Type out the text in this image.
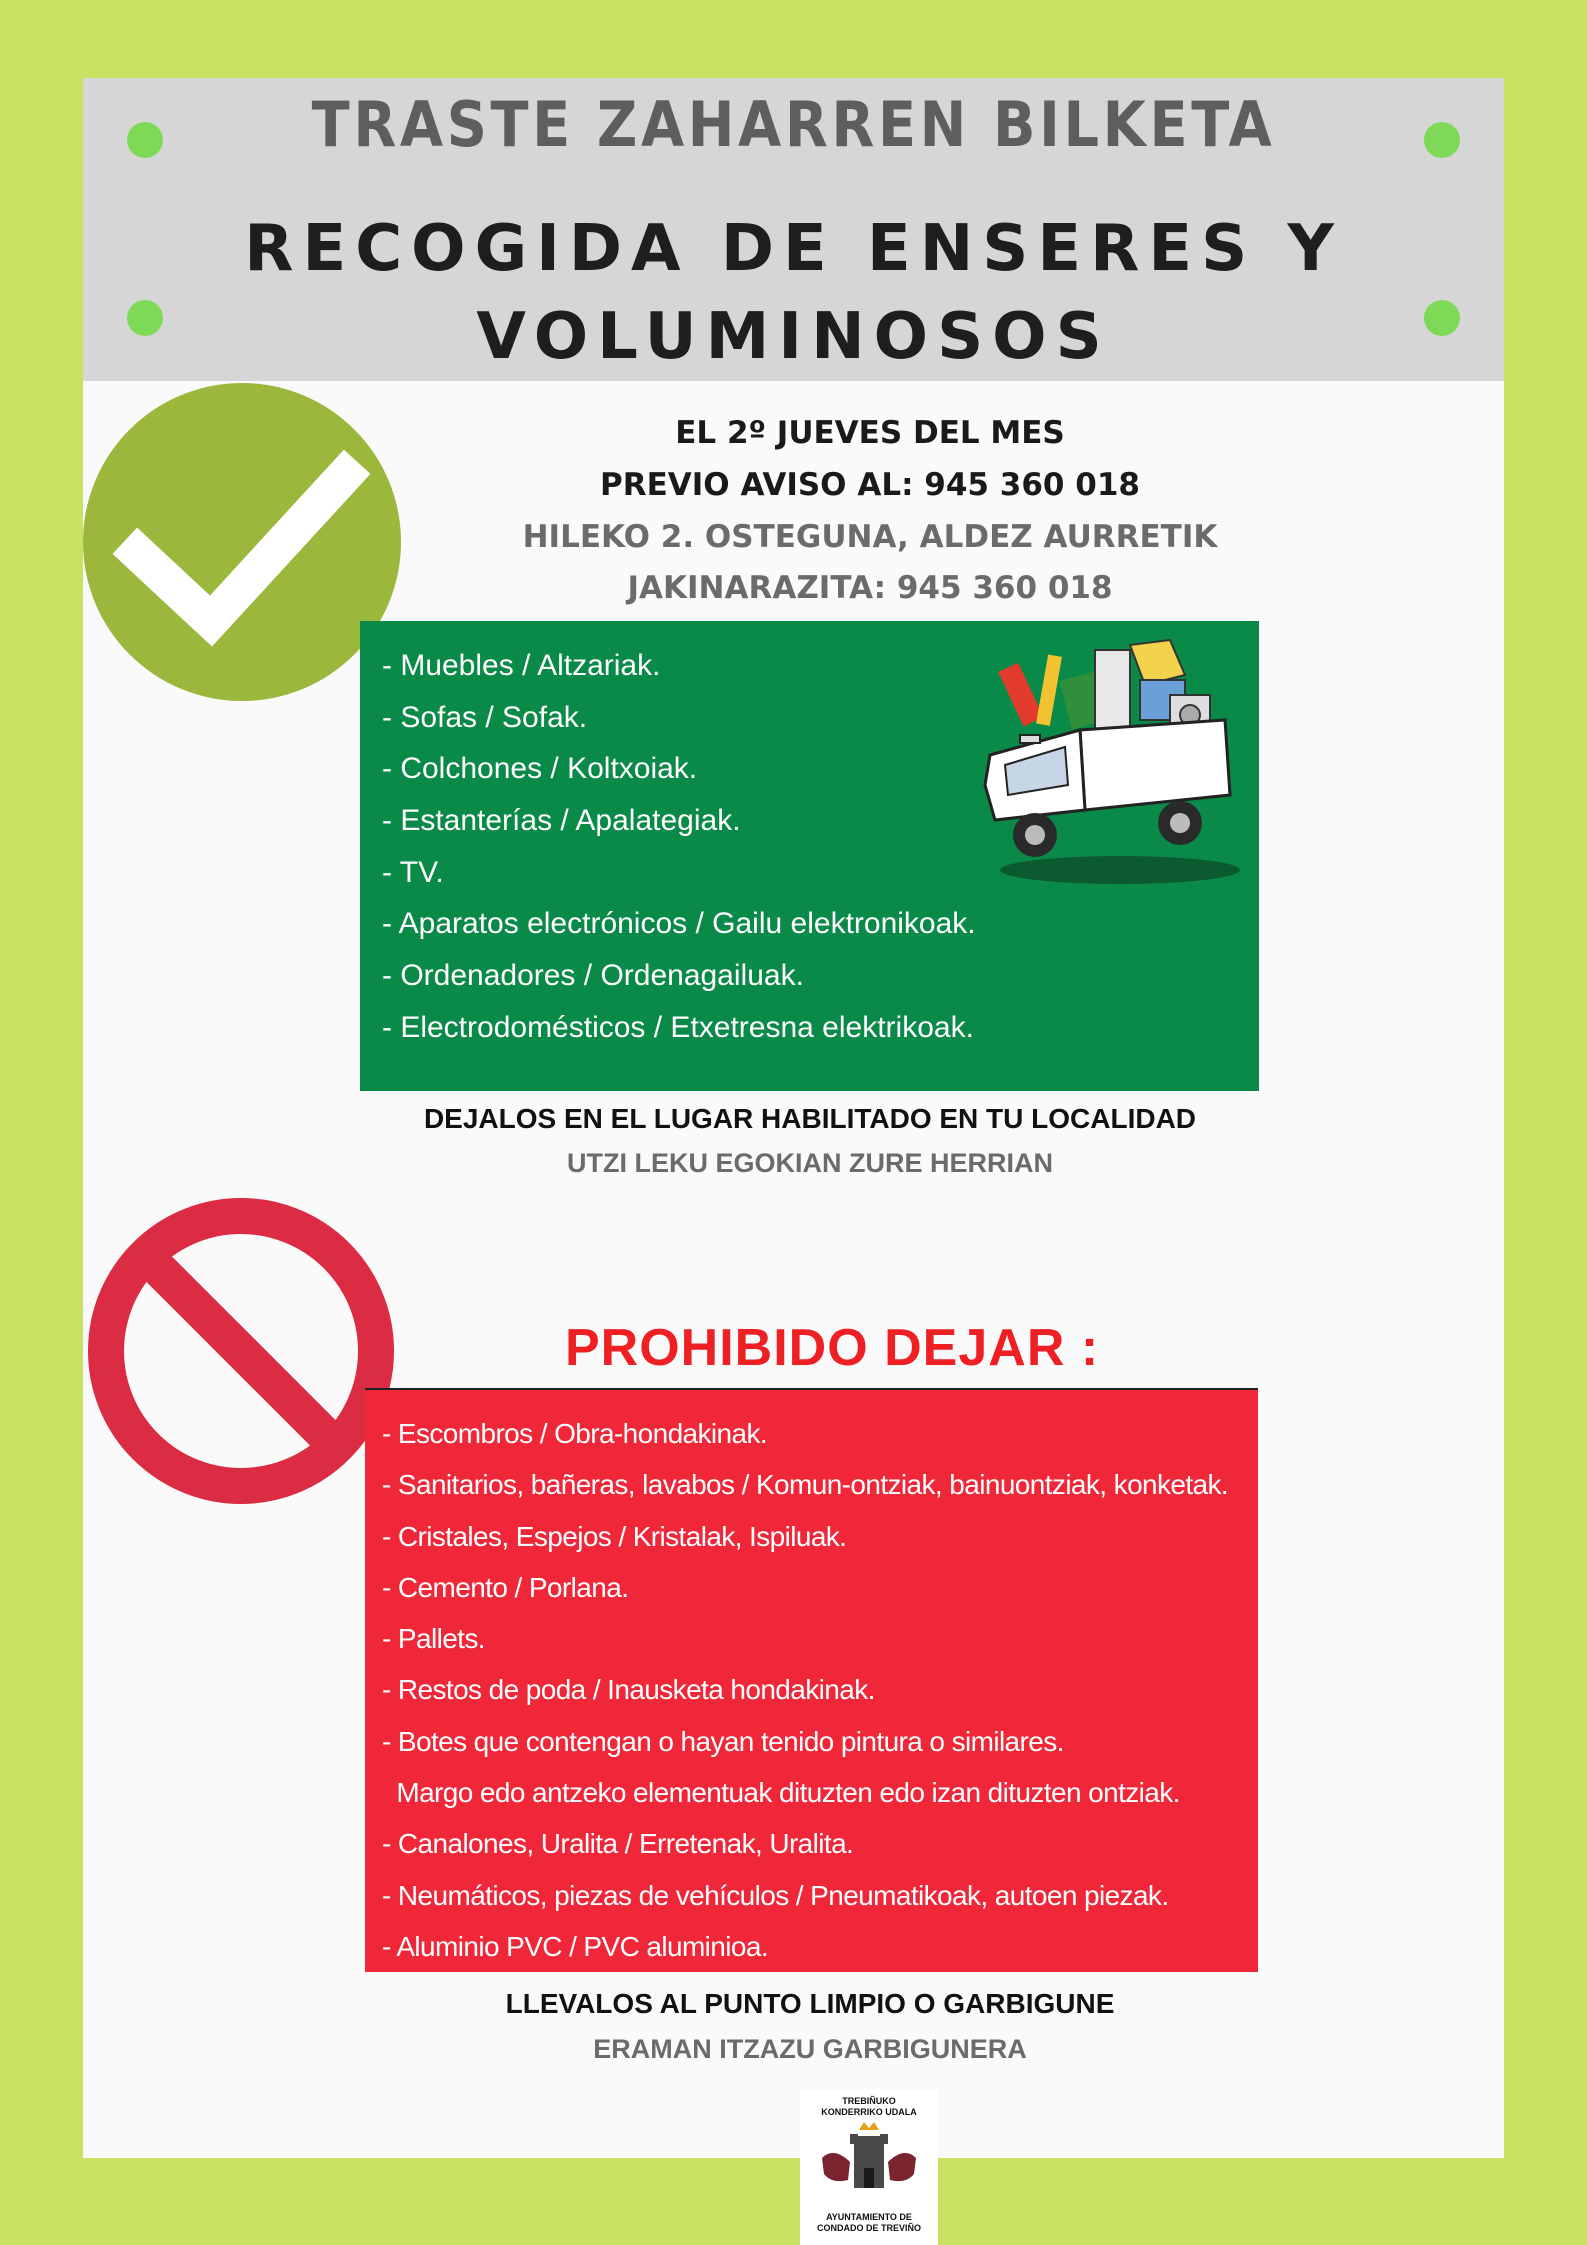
TRASTE ZAHARREN BILKETA
RECOGIDA DE ENSERES Y
VOLUMINOSOS
EL 2º JUEVES DEL MES
PREVIO AVISO AL: 945 360 018
HILEKO 2. OSTEGUNA, ALDEZ AURRETIK
JAKINARAZITA: 945 360 018
- Muebles / Altzariak.
- Sofas / Sofak.
- Colchones / Koltxoiak.
- Estanterías / Apalategiak.
- TV.
- Aparatos electrónicos / Gailu elektronikoak.
- Ordenadores / Ordenagailuak.
- Electrodomésticos / Etxetresna elektrikoak.
DEJALOS EN EL LUGAR HABILITADO EN TU LOCALIDAD
UTZI LEKU EGOKIAN ZURE HERRIAN
PROHIBIDO DEJAR :
- Escombros / Obra-hondakinak.
- Sanitarios, bañeras, lavabos / Komun-ontziak, bainuontziak, konketak.
- Cristales, Espejos / Kristalak, Ispiluak.
- Cemento / Porlana.
- Pallets.
- Restos de poda / Inausketa hondakinak.
- Botes que contengan o hayan tenido pintura o similares.
Margo edo antzeko elementuak dituzten edo izan dituzten ontziak.
- Canalones, Uralita / Erretenak, Uralita.
- Neumáticos, piezas de vehículos / Pneumatikoak, autoen piezak.
- Aluminio PVC / PVC aluminioa.
LLEVALOS AL PUNTO LIMPIO O GARBIGUNE
ERAMAN ITZAZU GARBIGUNERA
TREBIÑUKO
KONDERRIKO UDALA
AYUNTAMIENTO DE
CONDADO DE TREVIÑO
